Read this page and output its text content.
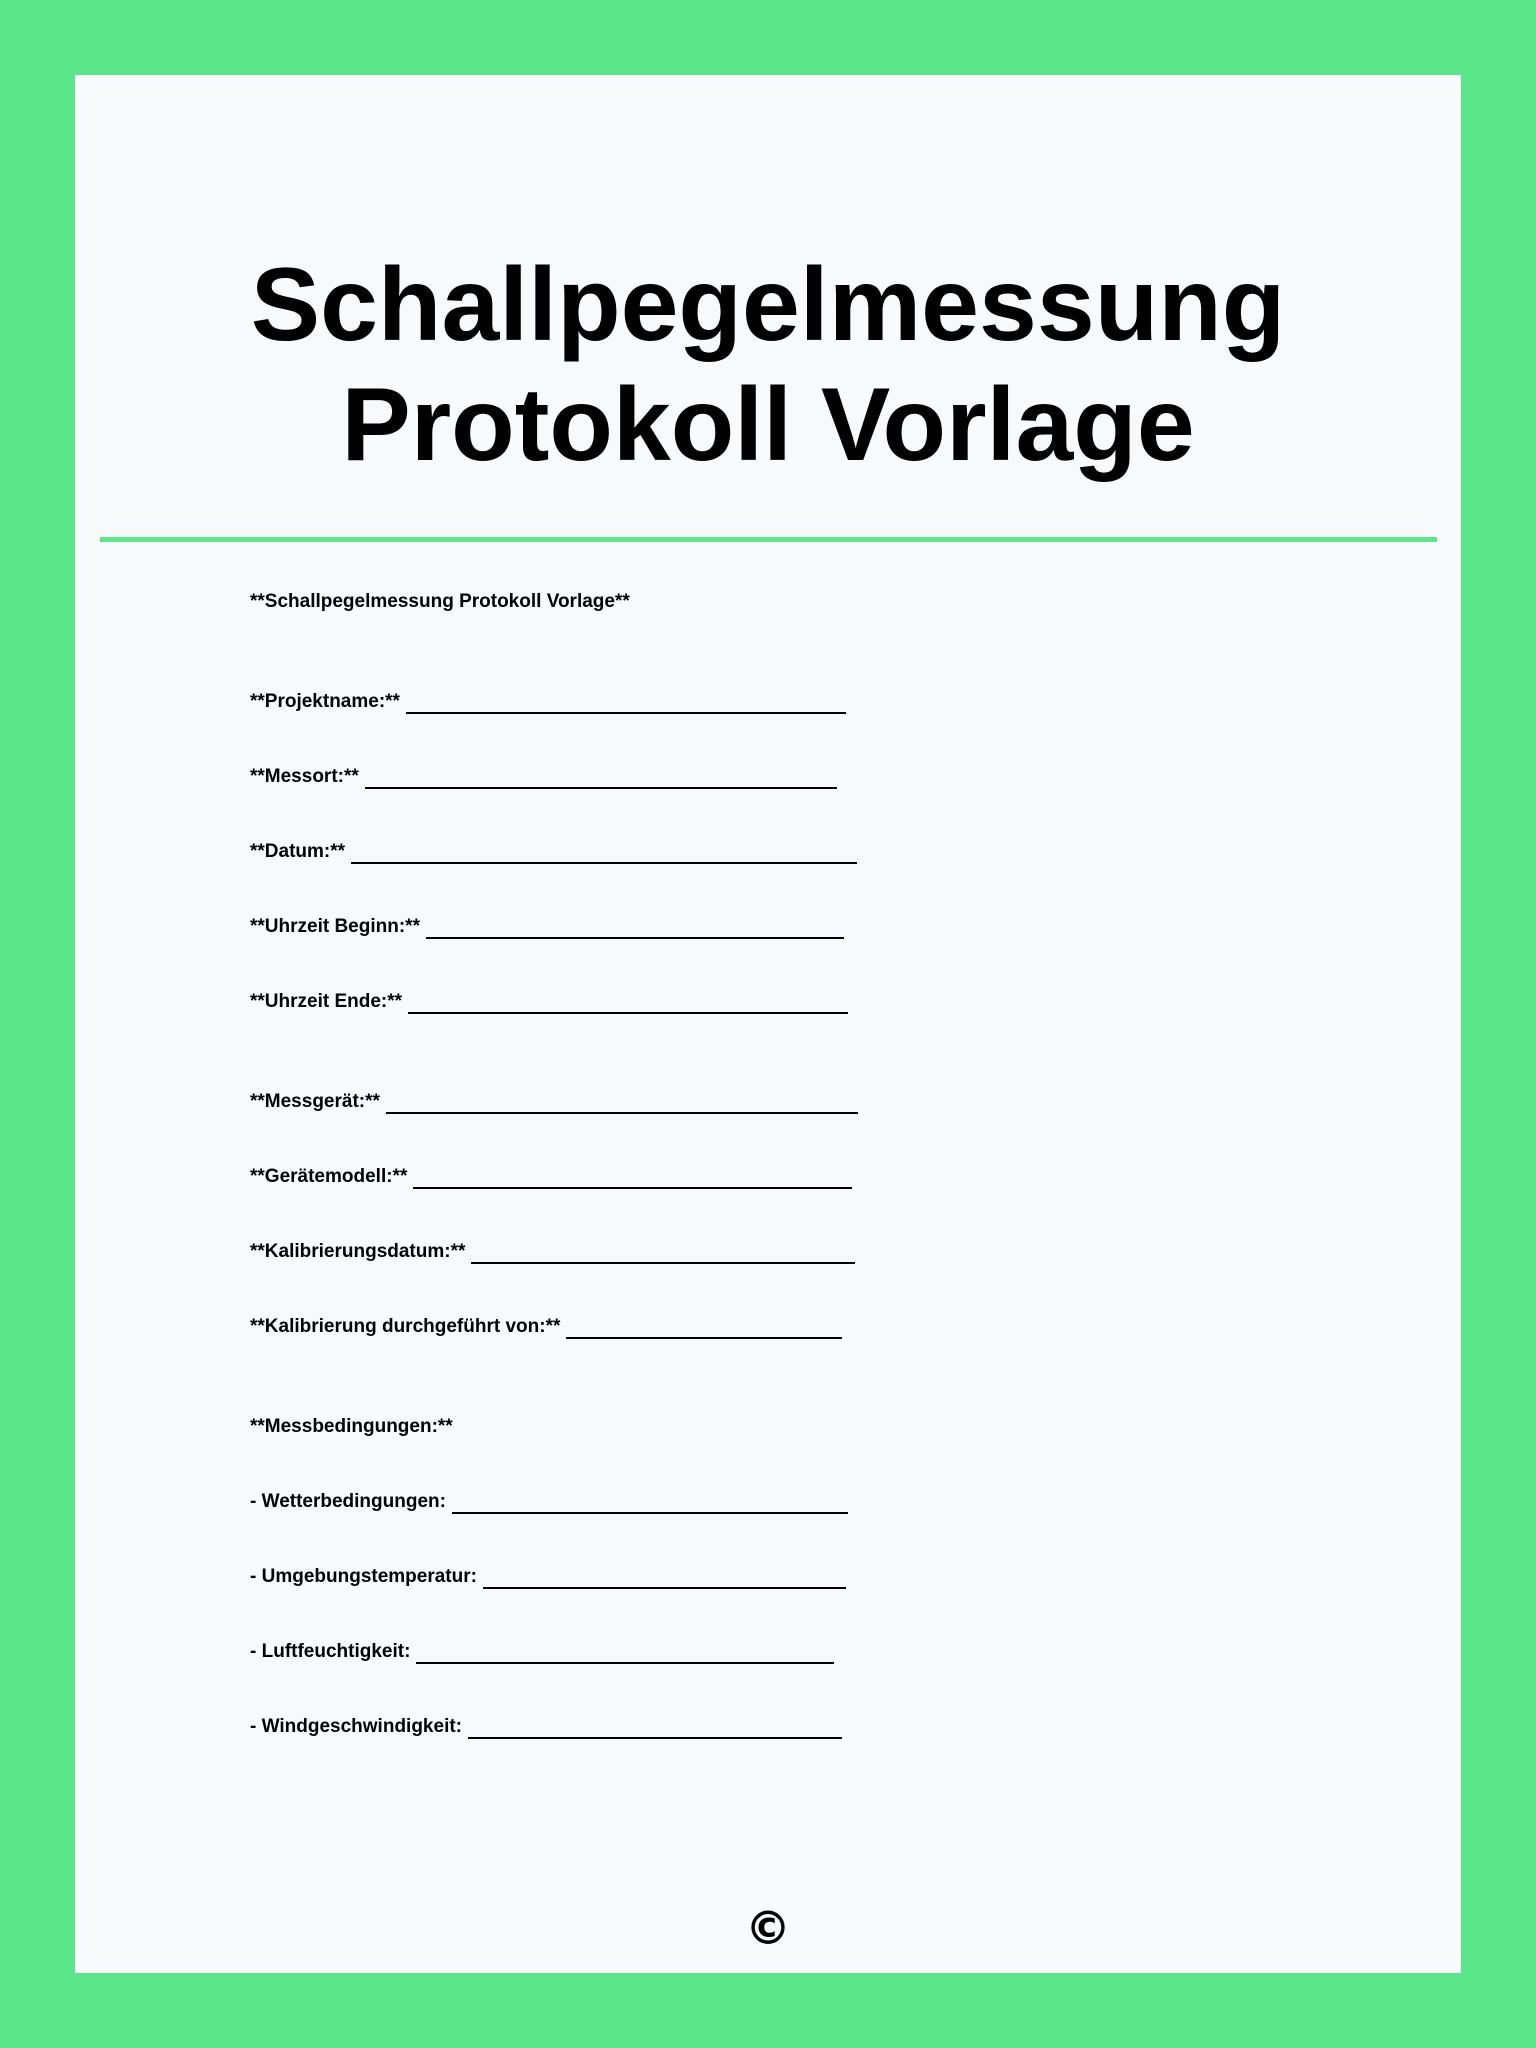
Schallpegelmessung
Protokoll Vorlage
**Schallpegelmessung Protokoll Vorlage**
**Projektname:**
**Messort:**
**Datum:**
**Uhrzeit Beginn:**
**Uhrzeit Ende:**
**Messgerät:**
**Gerätemodell:**
**Kalibrierungsdatum:**
**Kalibrierung durchgeführt von:**
**Messbedingungen:**
- Wetterbedingungen:
- Umgebungstemperatur:
- Luftfeuchtigkeit:
- Windgeschwindigkeit:
©
